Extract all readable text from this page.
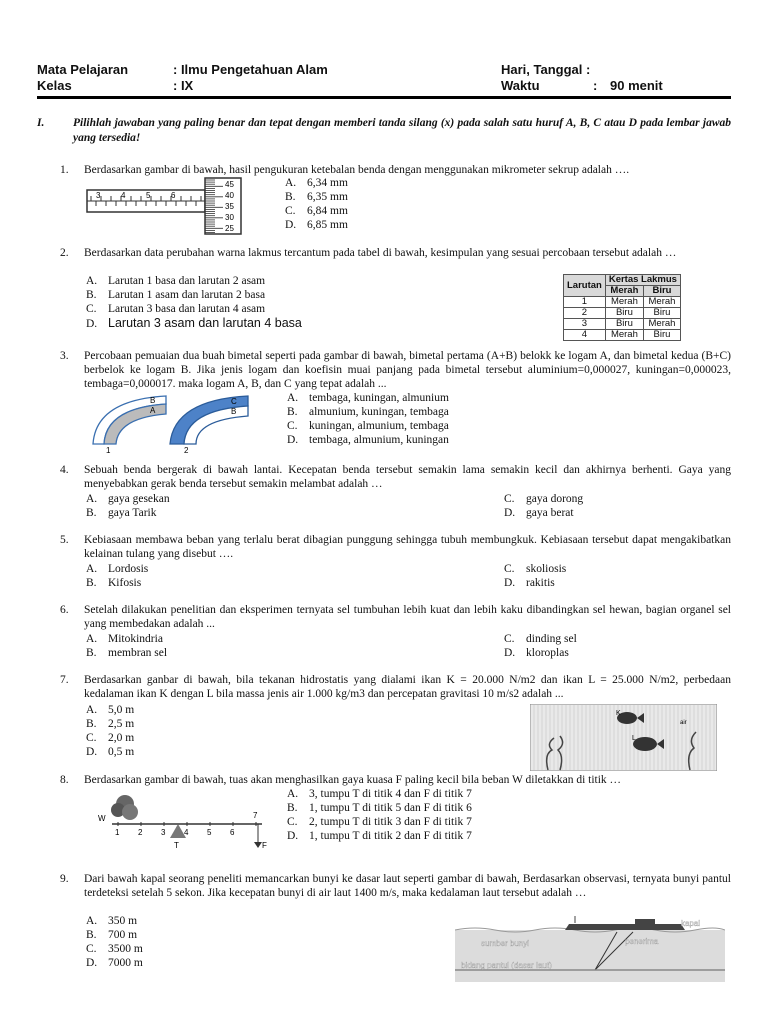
Mata Pelajaran	: Ilmu Pengetahuan Alam	Hari, Tanggal :
Kelas	: IX	Waktu	: 90 menit
I.	Pilihlah jawaban yang paling benar dan tepat dengan memberi tanda silang (x) pada salah satu huruf A, B, C atau D pada lembar jawab yang tersedia!
1.	Berdasarkan gambar di bawah, hasil pengukuran ketebalan benda dengan menggunakan mikrometer sekrup adalah ….
3	4	5	6
45
40
35
30
25
A. 6,34 mm
B. 6,35 mm
C. 6,84 mm
D. 6,85 mm
2.	Berdasarkan data perubahan warna lakmus tercantum pada tabel di bawah, kesimpulan yang sesuai percobaan tersebut adalah …
A. Larutan 1 basa dan larutan 2 asam
B. Larutan 1 asam dan larutan 2 basa
C. Larutan 3 basa dan larutan 4 asam
D. Larutan 3 asam dan larutan 4 basa
Larutan	Kertas Lakmus	
	Merah	Biru
1	Merah	Merah
2	Biru	Biru
3	Biru	Merah
4	Merah	Biru
3.	Percobaan pemuaian dua buah bimetal seperti pada gambar di bawah, bimetal pertama (A+B) belokk ke logam A, dan bimetal kedua (B+C) berbelok ke logam B. Jika jenis logam dan koefisin muai panjang pada bimetal tersebut aluminium=0,000027, kuningan=0,000023, tembaga=0,000017. maka logam A, B, dan C yang tepat adalah ...
B
A
C
B
1	2
A. tembaga, kuningan, almunium
B. almunium, kuningan, tembaga
C. kuningan, almunium, tembaga
D. tembaga, almunium, kuningan
4.	Sebuah benda bergerak di bawah lantai. Kecepatan benda tersebut semakin lama semakin kecil dan akhirnya berhenti. Gaya yang menyebabkan gerak benda tersebut semakin melambat adalah …
A. gaya gesekan
B. gaya Tarik
C. gaya dorong
D. gaya berat
5.	Kebiasaan membawa beban yang terlalu berat dibagian punggung sehingga tubuh membungkuk. Kebiasaan tersebut dapat mengakibatkan kelainan tulang yang disebut ….
A. Lordosis
B. Kifosis
C. skoliosis
D. rakitis
6.	Setelah dilakukan penelitian dan eksperimen ternyata sel tumbuhan lebih kuat dan lebih kaku dibandingkan sel hewan, bagian organel sel yang membedakan adalah ...
A. Mitokindria
B. membran sel
C. dinding sel
D. kloroplas
7.	Berdasarkan ganbar di bawah, bila tekanan hidrostatis yang dialami ikan K = 20.000 N/m2 dan ikan L = 25.000 N/m2, perbedaan kedalaman ikan K dengan L bila massa jenis air 1.000 kg/m3 dan percepatan gravitasi 10 m/s2 adalah ...
A. 5,0 m
B. 2,5 m
C. 2,0 m
D. 0,5 m
K
L
air
8.	Berdasarkan gambar di bawah, tuas akan menghasilkan gaya kuasa F paling kecil bila beban W diletakkan di titik …
W
T	F
1 2 3 4 5 6
7
A. 3, tumpu T di titik 4 dan F di titik 7
B. 1, tumpu T di titik 5 dan F di titik 6
C. 2, tumpu T di titik 3 dan F di titik 7
D. 1, tumpu T di titik 2 dan F di titik 7
9.	Dari bawah kapal seorang peneliti memancarkan bunyi ke dasar laut seperti gambar di bawah, Berdasarkan observasi, ternyata bunyi pantul terdeteksi setelah 5 sekon. Jika kecepatan bunyi di air laut 1400 m/s, maka kedalaman laut tersebut adalah …
A. 350 m
B. 700 m
C. 3500 m
D. 7000 m
kapal
sumber bunyi	penerima
bidang pantul (dasar laut)
